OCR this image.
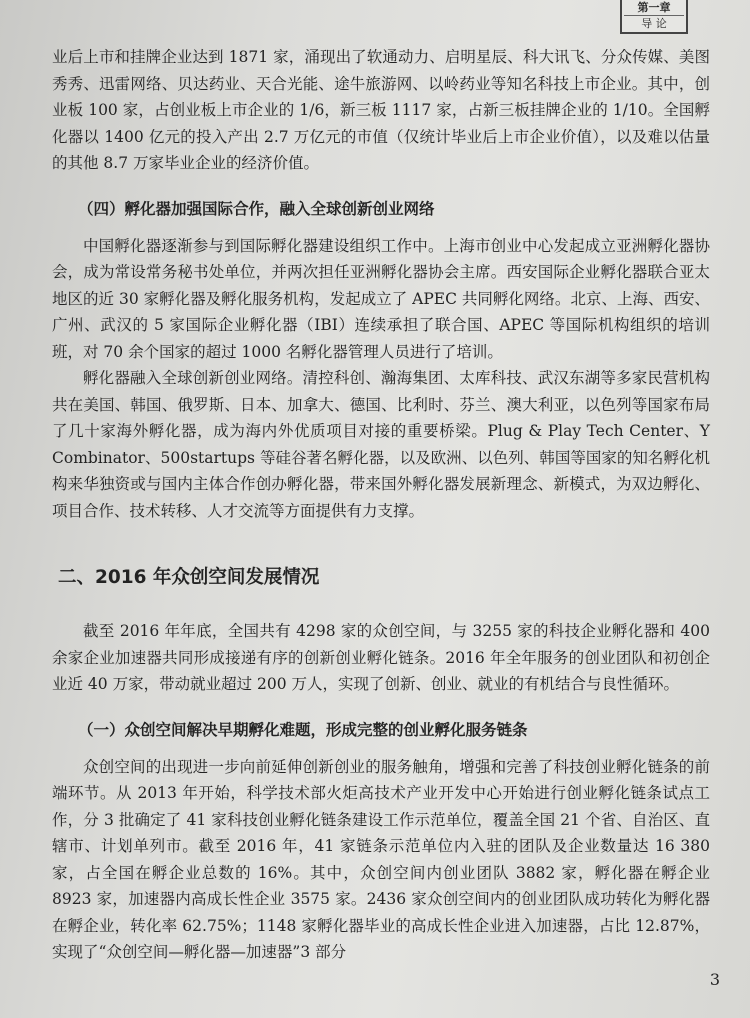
第一章
导 论

业后上市和挂牌企业达到 1871 家，涌现出了软通动力、启明星辰、科大讯飞、分众传媒、美图秀秀、迅雷网络、贝达药业、天合光能、途牛旅游网、以岭药业等知名科技上市企业。其中，创业板 100 家，占创业板上市企业的 1/6，新三板 1117 家，占新三板挂牌企业的 1/10。全国孵化器以 1400 亿元的投入产出 2.7 万亿元的市值（仅统计毕业后上市企业价值），以及难以估量的其他 8.7 万家毕业企业的经济价值。

（四）孵化器加强国际合作，融入全球创新创业网络

中国孵化器逐渐参与到国际孵化器建设组织工作中。上海市创业中心发起成立亚洲孵化器协会，成为常设常务秘书处单位，并两次担任亚洲孵化器协会主席。西安国际企业孵化器联合亚太地区的近 30 家孵化器及孵化服务机构，发起成立了 APEC 共同孵化网络。北京、上海、西安、广州、武汉的 5 家国际企业孵化器（IBI）连续承担了联合国、APEC 等国际机构组织的培训班，对 70 余个国家的超过 1000 名孵化器管理人员进行了培训。

孵化器融入全球创新创业网络。清控科创、瀚海集团、太库科技、武汉东湖等多家民营机构共在美国、韩国、俄罗斯、日本、加拿大、德国、比利时、芬兰、澳大利亚，以色列等国家布局了几十家海外孵化器，成为海内外优质项目对接的重要桥梁。Plug & Play Tech Center、Y Combinator、500startups 等硅谷著名孵化器，以及欧洲、以色列、韩国等国家的知名孵化机构来华独资或与国内主体合作创办孵化器，带来国外孵化器发展新理念、新模式，为双边孵化、项目合作、技术转移、人才交流等方面提供有力支撑。

二、2016 年众创空间发展情况

截至 2016 年年底，全国共有 4298 家的众创空间，与 3255 家的科技企业孵化器和 400 余家企业加速器共同形成接递有序的创新创业孵化链条。2016 年全年服务的创业团队和初创企业近 40 万家，带动就业超过 200 万人，实现了创新、创业、就业的有机结合与良性循环。

（一）众创空间解决早期孵化难题，形成完整的创业孵化服务链条

众创空间的出现进一步向前延伸创新创业的服务触角，增强和完善了科技创业孵化链条的前端环节。从 2013 年开始，科学技术部火炬高技术产业开发中心开始进行创业孵化链条试点工作，分 3 批确定了 41 家科技创业孵化链条建设工作示范单位，覆盖全国 21 个省、自治区、直辖市、计划单列市。截至 2016 年，41 家链条示范单位内入驻的团队及企业数量达 16 380 家，占全国在孵企业总数的 16%。其中，众创空间内创业团队 3882 家，孵化器在孵企业 8923 家，加速器内高成长性企业 3575 家。2436 家众创空间内的创业团队成功转化为孵化器在孵企业，转化率 62.75%；1148 家孵化器毕业的高成长性企业进入加速器，占比 12.87%，实现了“众创空间—孵化器—加速器”3 部分

3
